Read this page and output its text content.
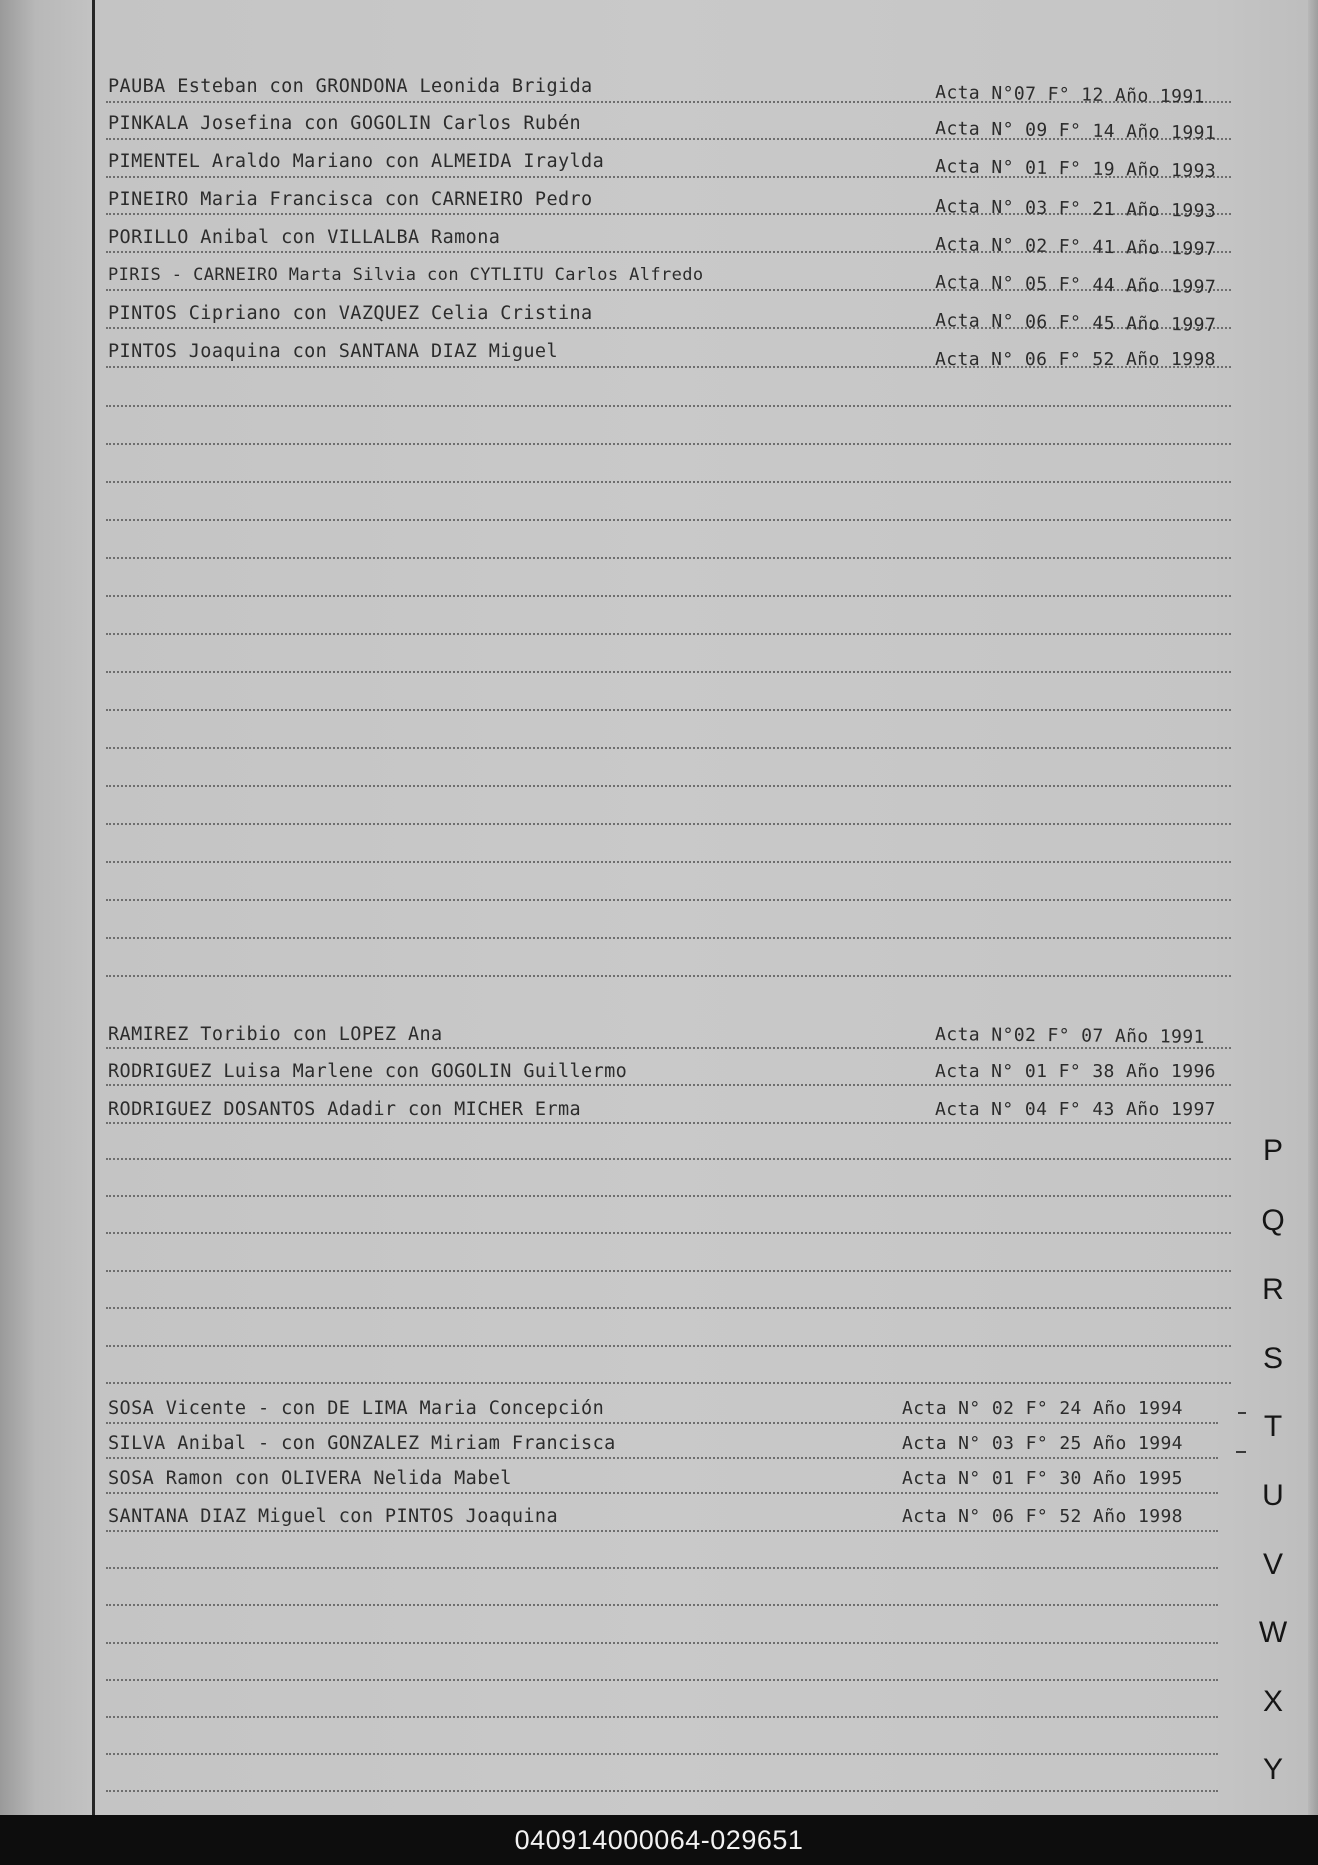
PAUBA Esteban con GRONDONA Leonida Brigida	Acta N°07 F° 12 Año 1991
PINKALA Josefina con GOGOLIN Carlos Rubén	Acta N° 09 F° 14 Año 1991
PIMENTEL Araldo Mariano con ALMEIDA Iraylda	Acta N° 01 F° 19 Año 1993
PINEIRO Maria Francisca con CARNEIRO Pedro	Acta N° 03 F° 21 Año 1993
PORILLO Anibal con VILLALBA Ramona	Acta N° 02 F° 41 Año 1997
PIRIS - CARNEIRO Marta Silvia con CYTLITU Carlos Alfredo	Acta N° 05 F° 44 Año 1997
PINTOS Cipriano con VAZQUEZ Celia Cristina	Acta N° 06 F° 45 Año 1997
PINTOS Joaquina con SANTANA DIAZ Miguel	Acta N° 06 F° 52 Año 1998
RAMIREZ Toribio con LOPEZ Ana	Acta N°02 F° 07 Año 1991
RODRIGUEZ Luisa Marlene con GOGOLIN Guillermo	Acta N° 01 F° 38 Año 1996
RODRIGUEZ DOSANTOS Adadir con MICHER Erma	Acta N° 04 F° 43 Año 1997
SOSA Vicente - con DE LIMA Maria Concepción	Acta N° 02 F° 24 Año 1994
SILVA Anibal - con GONZALEZ Miriam Francisca	Acta N° 03 F° 25 Año 1994
SOSA Ramon con OLIVERA Nelida Mabel	Acta N° 01 F° 30 Año 1995
SANTANA DIAZ Miguel con PINTOS Joaquina	Acta N° 06 F° 52 Año 1998
P
Q
R
S
T
U
V
W
X
Y
040914000064-029651
